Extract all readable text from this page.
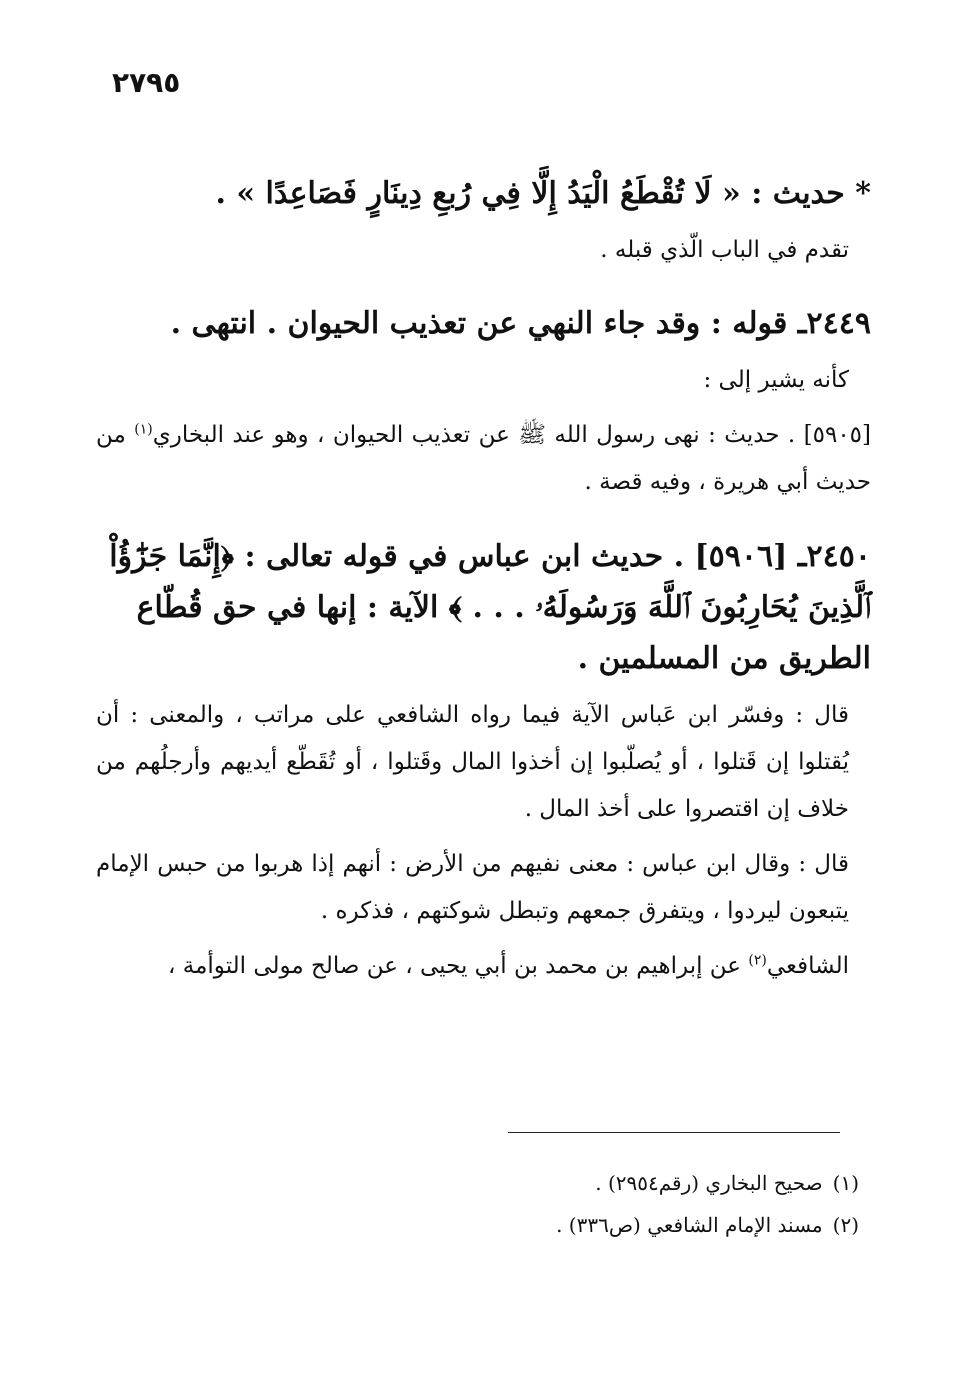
٢٧٩٥

* حديث : « لَا تُقْطَعُ الْيَدُ إِلَّا فِي رُبعِ دِينَارٍ فَصَاعِدًا » .

تقدم في الباب الّذي قبله .

٢٤٤٩ـ قوله : وقد جاء النهي عن تعذيب الحيوان . انتهى .

كأنه يشير إلى :

[٥٩٠٥] . حديث : نهى رسول الله ﷺ عن تعذيب الحيوان ، وهو عند البخاري$^{(١)}$ من حديث أبي هريرة ، وفيه قصة .

٢٤٥٠ـ [٥٩٠٦] . حديث ابن عباس في قوله تعالى : ﴿إِنَّمَا جَزَٰٓؤُاْ ٱلَّذِينَ يُحَارِبُونَ ٱللَّهَ وَرَسُولَهُۥ . . . ﴾ الآية : إنها في حق قُطّاع الطريق من المسلمين .

قال : وفسّر ابن عَباس الآية فيما رواه الشافعي على مراتب ، والمعنى : أن يُقتلوا إن قَتلوا ، أو يُصلّبوا إن أخذوا المال وقَتلوا ، أو تُقَطّع أيديهم وأرجلُهم من خلاف إن اقتصروا على أخذ المال .

قال : وقال ابن عباس : معنى نفيهم من الأرض : أنهم إذا هربوا من حبس الإمام يتبعون ليردوا ، ويتفرق جمعهم وتبطل شوكتهم ، فذكره .

الشافعي$^{(٢)}$ عن إبراهيم بن محمد بن أبي يحيى ، عن صالح مولى التوأمة ،

(١)صحيح البخاري (رقم٢٩٥٤) .
(٢)مسند الإمام الشافعي (ص٣٣٦) .
